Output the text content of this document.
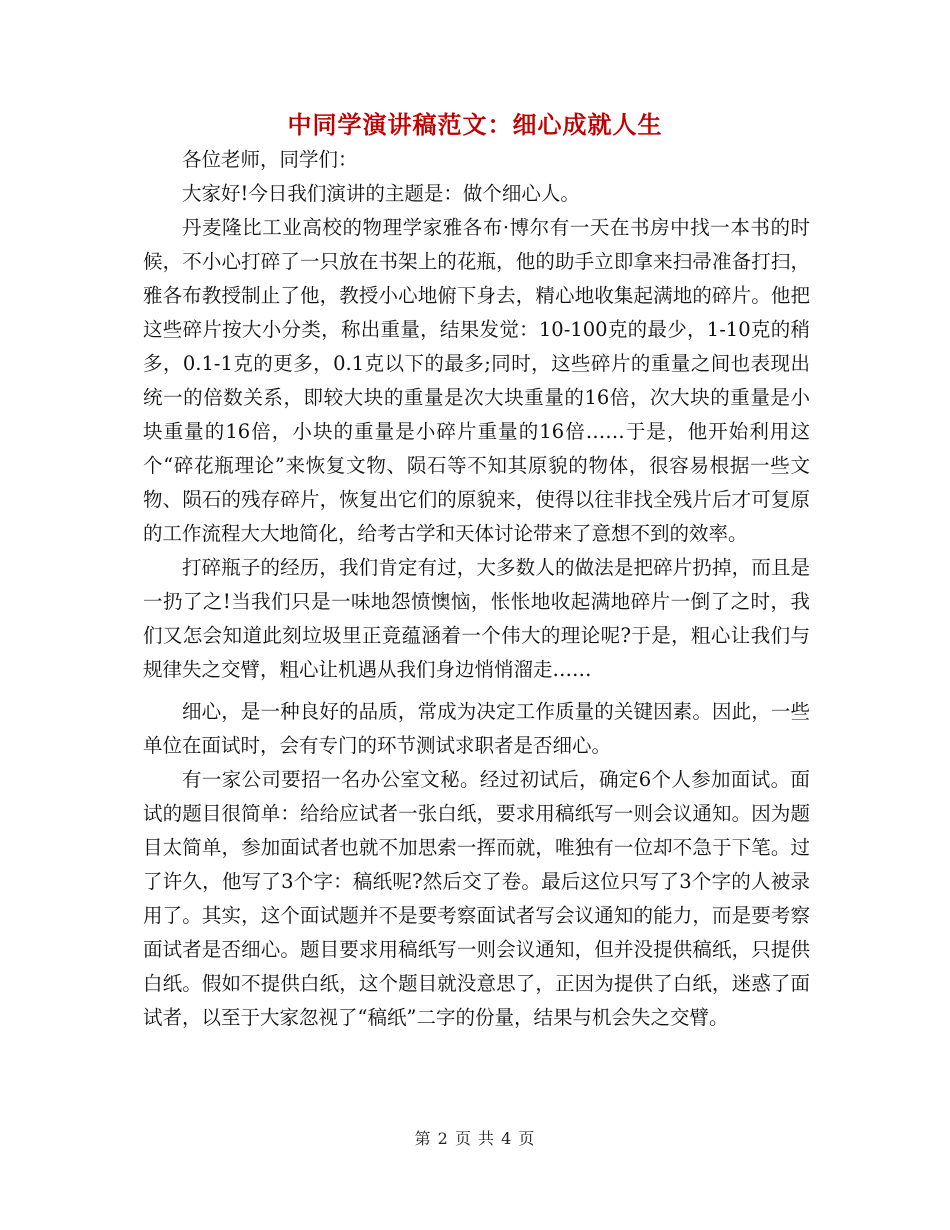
中同学演讲稿范文：细心成就人生

各位老师，同学们：

大家好!今日我们演讲的主题是：做个细心人。

丹麦隆比工业高校的物理学家雅各布·博尔有一天在书房中找一本书的时候，不小心打碎了一只放在书架上的花瓶，他的助手立即拿来扫帚准备打扫，雅各布教授制止了他，教授小心地俯下身去，精心地收集起满地的碎片。他把这些碎片按大小分类，称出重量，结果发觉：10-100克的最少，1-10克的稍多，0.1-1克的更多，0.1克以下的最多;同时，这些碎片的重量之间也表现出统一的倍数关系，即较大块的重量是次大块重量的16倍，次大块的重量是小块重量的16倍，小块的重量是小碎片重量的16倍……于是，他开始利用这个“碎花瓶理论”来恢复文物、陨石等不知其原貌的物体，很容易根据一些文物、陨石的残存碎片，恢复出它们的原貌来，使得以往非找全残片后才可复原的工作流程大大地简化，给考古学和天体讨论带来了意想不到的效率。

打碎瓶子的经历，我们肯定有过，大多数人的做法是把碎片扔掉，而且是一扔了之!当我们只是一味地怨愤懊恼，怅怅地收起满地碎片一倒了之时，我们又怎会知道此刻垃圾里正竟蕴涵着一个伟大的理论呢?于是，粗心让我们与规律失之交臂，粗心让机遇从我们身边悄悄溜走……

细心，是一种良好的品质，常成为决定工作质量的关键因素。因此，一些单位在面试时，会有专门的环节测试求职者是否细心。

有一家公司要招一名办公室文秘。经过初试后，确定6个人参加面试。面试的题目很简单：给给应试者一张白纸，要求用稿纸写一则会议通知。因为题目太简单，参加面试者也就不加思索一挥而就，唯独有一位却不急于下笔。过了许久，他写了3个字：稿纸呢?然后交了卷。最后这位只写了3个字的人被录用了。其实，这个面试题并不是要考察面试者写会议通知的能力，而是要考察面试者是否细心。题目要求用稿纸写一则会议通知，但并没提供稿纸，只提供白纸。假如不提供白纸，这个题目就没意思了，正因为提供了白纸，迷惑了面试者，以至于大家忽视了“稿纸”二字的份量，结果与机会失之交臂。

第 2 页 共 4 页
